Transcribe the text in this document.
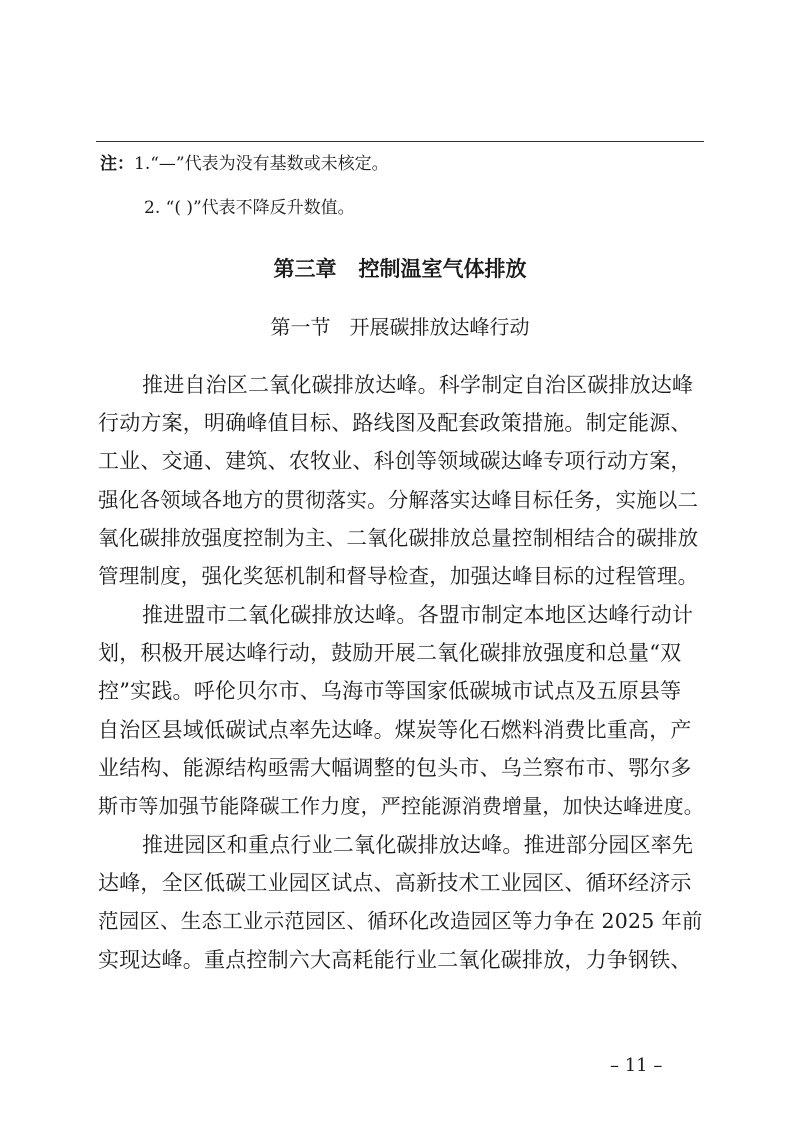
注：1.“—”代表为没有基数或未核定。
2. “( )”代表不降反升数值。
第三章   控制温室气体排放
第一节   开展碳排放达峰行动
推进自治区二氧化碳排放达峰。科学制定自治区碳排放达峰
行动方案，明确峰值目标、路线图及配套政策措施。制定能源、
工业、交通、建筑、农牧业、科创等领域碳达峰专项行动方案，
强化各领域各地方的贯彻落实。分解落实达峰目标任务，实施以二
氧化碳排放强度控制为主、二氧化碳排放总量控制相结合的碳排放
管理制度，强化奖惩机制和督导检查，加强达峰目标的过程管理。
推进盟市二氧化碳排放达峰。各盟市制定本地区达峰行动计
划，积极开展达峰行动，鼓励开展二氧化碳排放强度和总量“双
控”实践。呼伦贝尔市、乌海市等国家低碳城市试点及五原县等
自治区县域低碳试点率先达峰。煤炭等化石燃料消费比重高，产
业结构、能源结构亟需大幅调整的包头市、乌兰察布市、鄂尔多
斯市等加强节能降碳工作力度，严控能源消费增量，加快达峰进度。
推进园区和重点行业二氧化碳排放达峰。推进部分园区率先
达峰，全区低碳工业园区试点、高新技术工业园区、循环经济示
范园区、生态工业示范园区、循环化改造园区等力争在 2025 年前
实现达峰。重点控制六大高耗能行业二氧化碳排放，力争钢铁、
– 11 –
